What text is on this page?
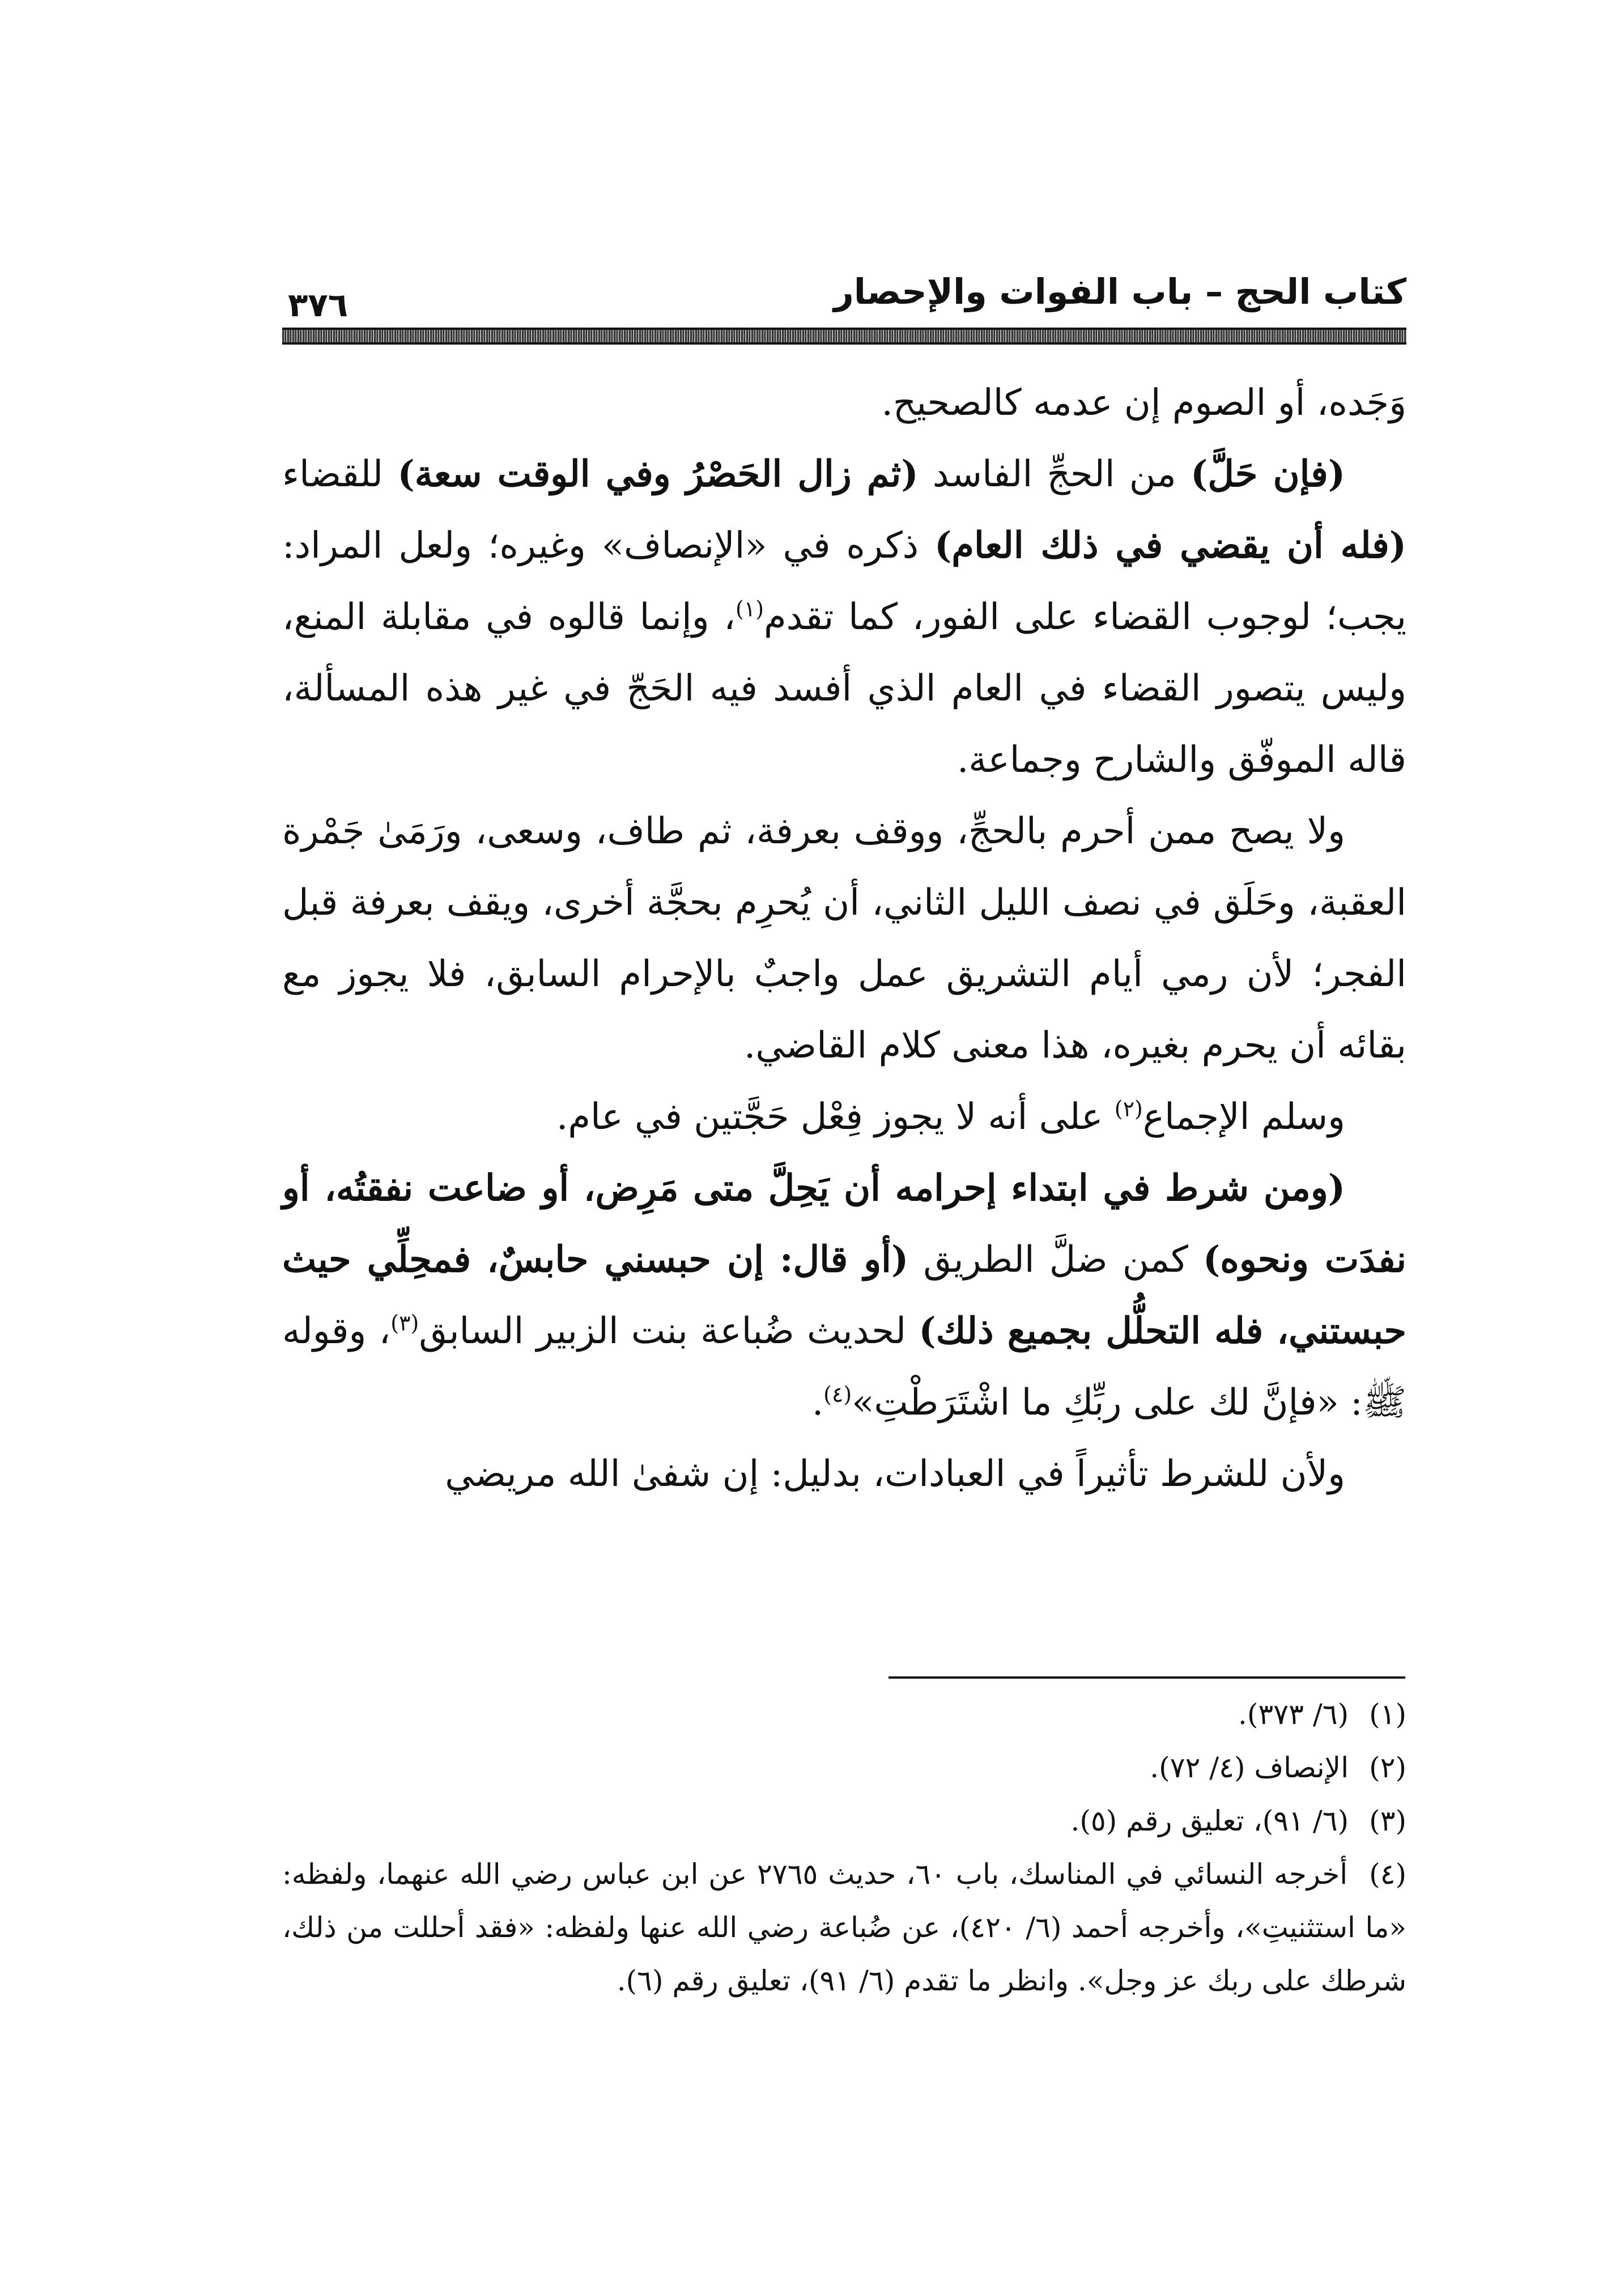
كتاب الحج – باب الفوات والإحصار
٣٧٦

وَجَده، أو الصوم إن عدمه كالصحيح.

(فإن حَلَّ) من الحجِّ الفاسد (ثم زال الحَصْرُ وفي الوقت سعة) للقضاء (فله أن يقضي في ذلك العام) ذكره في «الإنصاف» وغيره؛ ولعل المراد: يجب؛ لوجوب القضاء على الفور، كما تقدم$^{(١)}$، وإنما قالوه في مقابلة المنع، وليس يتصور القضاء في العام الذي أفسد فيه الحَجّ في غير هذه المسألة، قاله الموفّق والشارح وجماعة.

ولا يصح ممن أحرم بالحجِّ، ووقف بعرفة، ثم طاف، وسعى، ورَمَىٰ جَمْرة العقبة، وحَلَق في نصف الليل الثاني، أن يُحرِم بحجَّة أخرى، ويقف بعرفة قبل الفجر؛ لأن رمي أيام التشريق عمل واجبٌ بالإحرام السابق، فلا يجوز مع بقائه أن يحرم بغيره، هذا معنى كلام القاضي.

وسلم الإجماع$^{(٢)}$ على أنه لا يجوز فِعْل حَجَّتين في عام.

(ومن شرط في ابتداء إحرامه أن يَحِلَّ متى مَرِض، أو ضاعت نفقتُه، أو نفدَت ونحوه) كمن ضلَّ الطريق (أو قال: إن حبسني حابسٌ، فمحِلِّي حيث حبستني، فله التحلُّل بجميع ذلك) لحديث ضُباعة بنت الزبير السابق$^{(٣)}$، وقوله ﷺ: «فإنَّ لك على ربِّكِ ما اشْتَرَطْتِ»$^{(٤)}$.

ولأن للشرط تأثيراً في العبادات، بدليل: إن شفىٰ الله مريضي

(١) (٦/ ٣٧٣).

(٢) الإنصاف (٤/ ٧٢).

(٣) (٦/ ٩١)، تعليق رقم (٥).

(٤) أخرجه النسائي في المناسك، باب ٦٠، حديث ٢٧٦٥ عن ابن عباس رضي الله عنهما، ولفظه: «ما استثنيتِ»، وأخرجه أحمد (٦/ ٤٢٠)، عن ضُباعة رضي الله عنها ولفظه: «فقد أحللت من ذلك، شرطك على ربك عز وجل». وانظر ما تقدم (٦/ ٩١)، تعليق رقم (٦).
